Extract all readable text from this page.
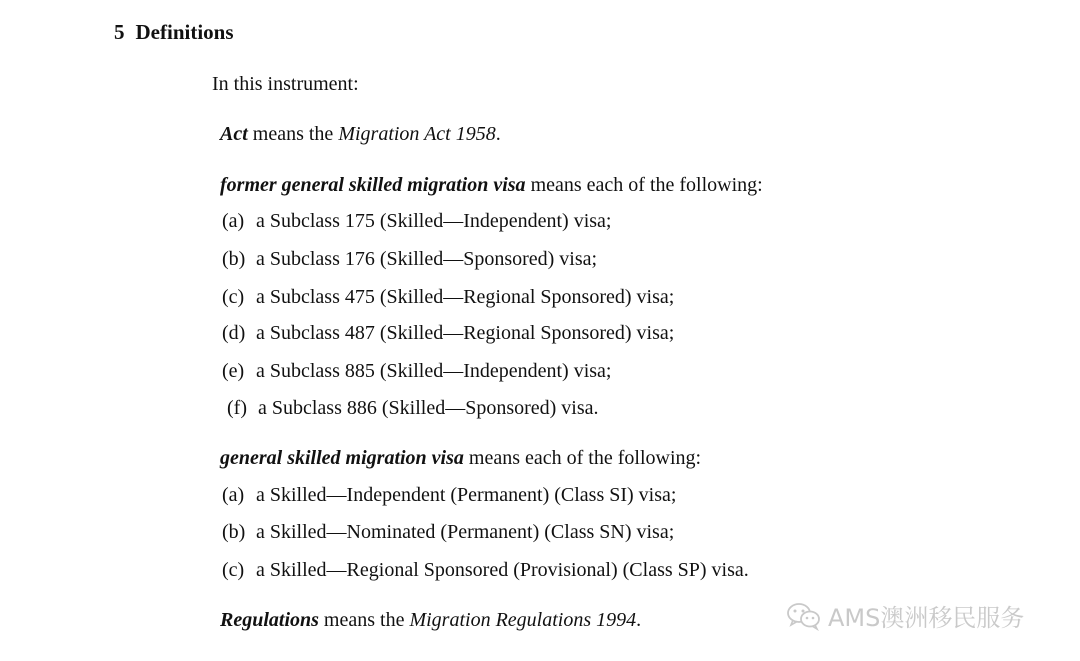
5 Definitions
In this instrument:
Act means the Migration Act 1958.
former general skilled migration visa means each of the following:
(a) a Subclass 175 (Skilled—Independent) visa;
(b) a Subclass 176 (Skilled—Sponsored) visa;
(c) a Subclass 475 (Skilled—Regional Sponsored) visa;
(d) a Subclass 487 (Skilled—Regional Sponsored) visa;
(e) a Subclass 885 (Skilled—Independent) visa;
(f) a Subclass 886 (Skilled—Sponsored) visa.
general skilled migration visa means each of the following:
(a) a Skilled—Independent (Permanent) (Class SI) visa;
(b) a Skilled—Nominated (Permanent) (Class SN) visa;
(c) a Skilled—Regional Sponsored (Provisional) (Class SP) visa.
Regulations means the Migration Regulations 1994.	AMS澳洲移民服务
